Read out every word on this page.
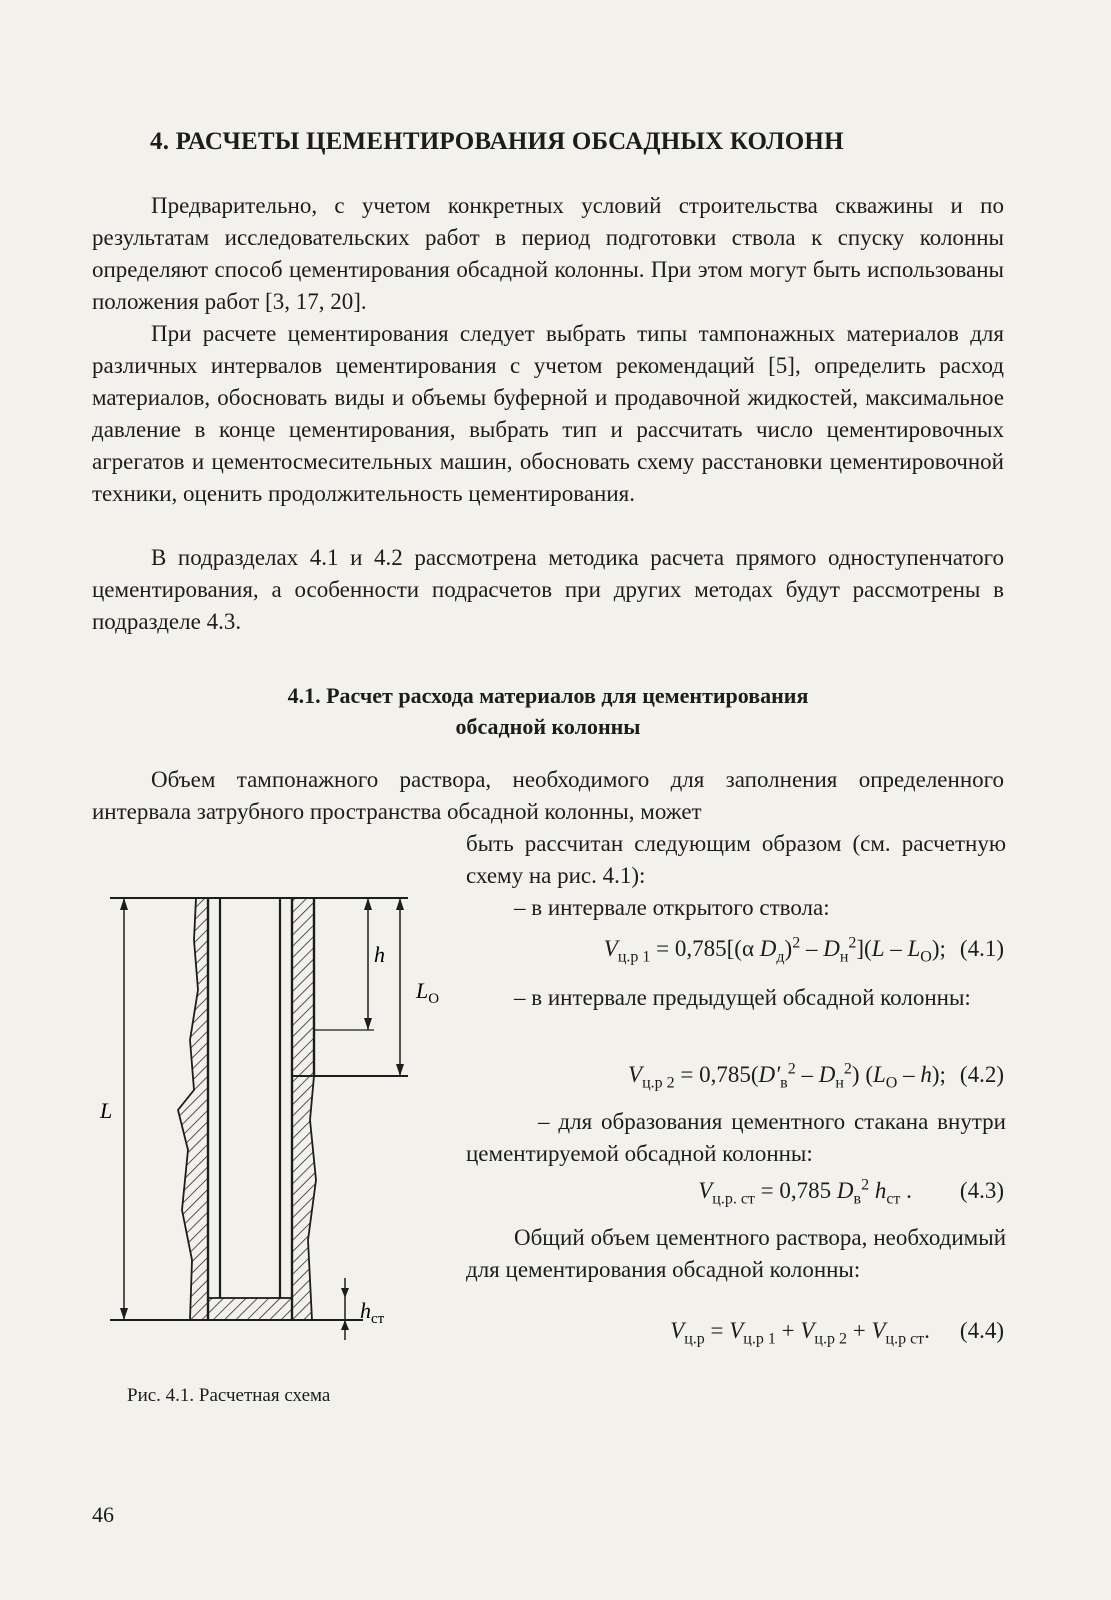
4. РАСЧЕТЫ ЦЕМЕНТИРОВАНИЯ ОБСАДНЫХ КОЛОНН

Предварительно, с учетом конкретных условий строительства скважины и по результатам исследовательских работ в период подготовки ствола к спуску колонны определяют способ цементирования обсадной колонны. При этом могут быть использованы положения работ [3, 17, 20].

При расчете цементирования следует выбрать типы тампонажных материалов для различных интервалов цементирования с учетом рекомендаций [5], определить расход материалов, обосновать виды и объемы буферной и продавочной жидкостей, максимальное давление в конце цементирования, выбрать тип и рассчитать число цементировочных агрегатов и цементосмесительных машин, обосновать схему расстановки цементировочной техники, оценить продолжительность цементирования.

В подразделах 4.1 и 4.2 рассмотрена методика расчета прямого одноступенчатого цементирования, а особенности подрасчетов при других методах будут рассмотрены в подразделе 4.3.

4.1. Расчет расхода материалов для цементирования
обсадной колонны

Объем тампонажного раствора, необходимого для заполнения определенного интервала затрубного пространства обсадной колонны, может

быть рассчитан следующим образом (см. расчетную схему на рис. 4.1):

– в интервале открытого ствола:

$V_{ц.р 1} = 0,785[(\alpha$ $D_д)^2 - D_н^2](L - L_O)$; (4.1)

– в интервале предыдущей обсадной колонны:

$V_{ц.р 2} = 0,785(D'_в^2 - D_н^2)$ $(L_O - h)$; (4.2)

– для образования цементного стакана внутри цементируемой обсадной колонны:

$V_{ц.р. ст} = 0,785$ $D_в^2$ $h_{ст}$ . (4.3)

Общий объем цементного раствора, необходимый для цементирования обсадной колонны:

$V_{ц.р} = V_{ц.р 1} + V_{ц.р 2} + V_{ц.р ст}$. (4.4)
h
$L_O$
L
$h_{ст}$
Рис. 4.1. Расчетная схема
46
